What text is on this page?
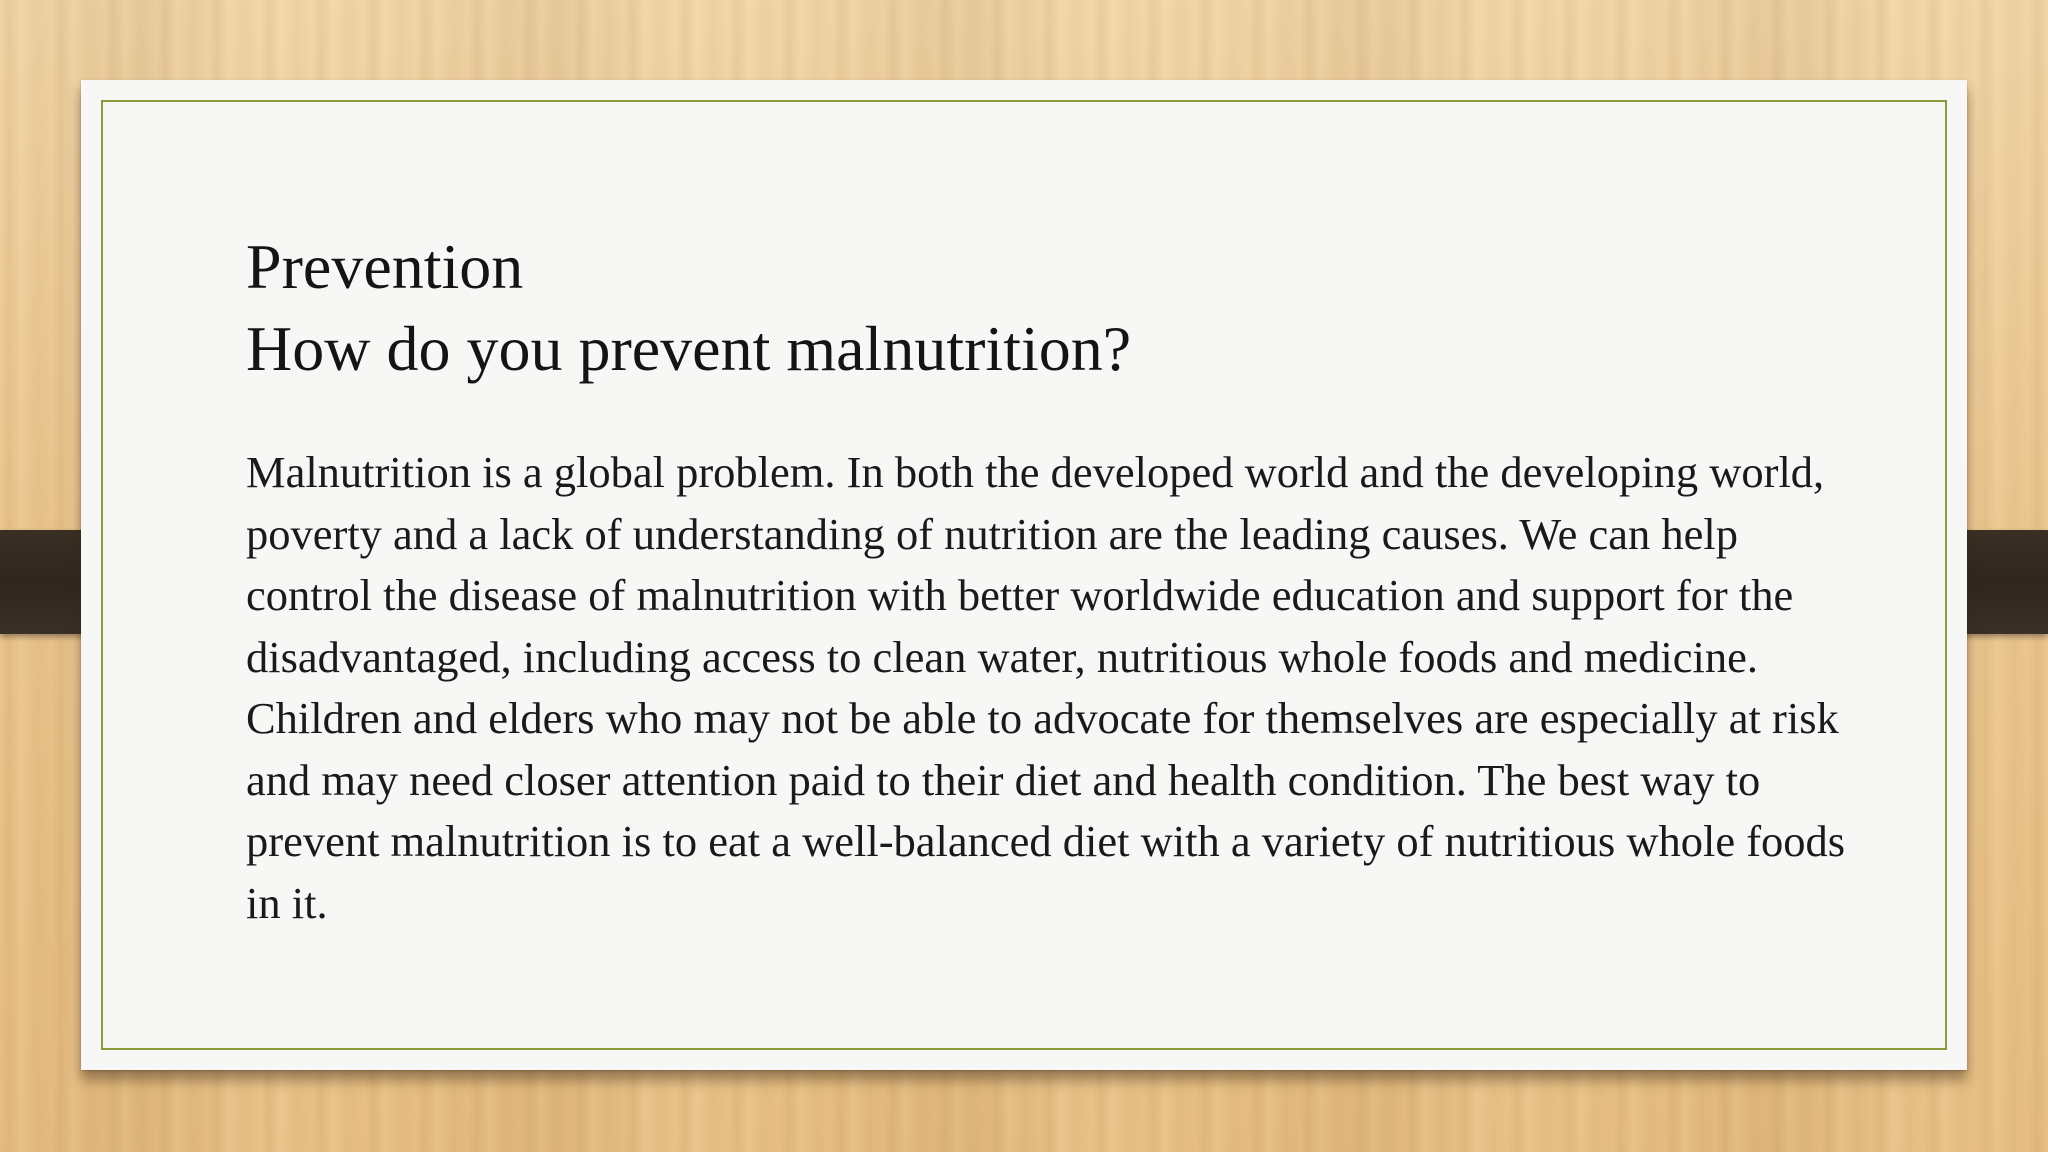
Prevention
How do you prevent malnutrition?
Malnutrition is a global problem. In both the developed world and the developing world, poverty and a lack of understanding of nutrition are the leading causes. We can help control the disease of malnutrition with better worldwide education and support for the disadvantaged, including access to clean water, nutritious whole foods and medicine. Children and elders who may not be able to advocate for themselves are especially at risk and may need closer attention paid to their diet and health condition. The best way to prevent malnutrition is to eat a well-balanced diet with a variety of nutritious whole foods in it.
